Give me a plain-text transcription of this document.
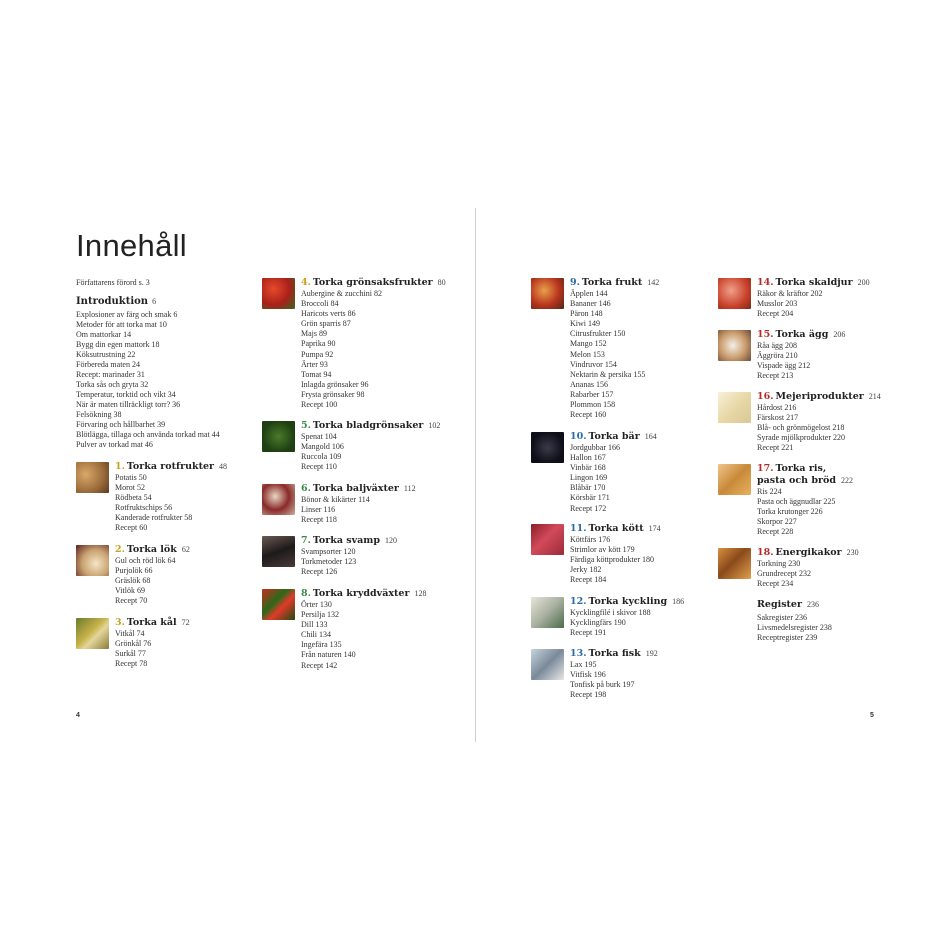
Innehåll
Författarens förord s. 3
Introduktion 6
Explosioner av färg och smak 6
Metoder för att torka mat 10
Om mattorkar 14
Bygg din egen mattork 18
Köksutrustning 22
Förbereda maten 24
Recept: marinader 31
Torka sås och gryta 32
Temperatur, torktid och vikt 34
När är maten tillräckligt torr? 36
Felsökning 38
Förvaring och hållbarhet 39
Blötlägga, tillaga och använda torkad mat 44
Pulver av torkad mat 46
1. Torka rotfrukter 48
Potatis 50
Morot 52
Rödbeta 54
Rotfruktschips 56
Kanderade rotfrukter 58
Recept 60
2. Torka lök 62
Gul och röd lök 64
Purjolök 66
Gräslök 68
Vitlök 69
Recept 70
3. Torka kål 72
Vitkål 74
Grönkål 76
Surkål 77
Recept 78
4. Torka grönsaksfrukter 80
Aubergine & zucchini 82
Broccoli 84
Haricots verts 86
Grön sparris 87
Majs 89
Paprika 90
Pumpa 92
Ärter 93
Tomat 94
Inlagda grönsaker 96
Frysta grönsaker 98
Recept 100
5. Torka bladgrönsaker 102
Spenat 104
Mangold 106
Ruccola 109
Recept 110
6. Torka baljväxter 112
Bönor & kikärter 114
Linser 116
Recept 118
7. Torka svamp 120
Svampsorter 120
Torkmetoder 123
Recept 126
8. Torka kryddväxter 128
Örter 130
Persilja 132
Dill 133
Chili 134
Ingefära 135
Från naturen 140
Recept 142
9. Torka frukt 142
Äpplen 144
Bananer 146
Päron 148
Kiwi 149
Citrusfrukter 150
Mango 152
Melon 153
Vindruvor 154
Nektarin & persika 155
Ananas 156
Rabarber 157
Plommon 158
Recept 160
10. Torka bär 164
Jordgubbar 166
Hallon 167
Vinbär 168
Lingon 169
Blåbär 170
Körsbär 171
Recept 172
11. Torka kött 174
Köttfärs 176
Strimlor av kött 179
Färdiga köttprodukter 180
Jerky 182
Recept 184
12. Torka kyckling 186
Kycklingfilé i skivor 188
Kycklingfärs 190
Recept 191
13. Torka fisk 192
Lax 195
Vitfisk 196
Tonfisk på burk 197
Recept 198
14. Torka skaldjur 200
Räkor & kräftor 202
Musslor 203
Recept 204
15. Torka ägg 206
Råa ägg 208
Äggröra 210
Vispade ägg 212
Recept 213
16. Mejeriprodukter 214
Hårdost 216
Färskost 217
Blå- och grönmögelost 218
Syrade mjölkprodukter 220
Recept 221
17. Torka ris,
pasta och bröd 222
Ris 224
Pasta och äggnudlar 225
Torka krutonger 226
Skorpor 227
Recept 228
18. Energikakor 230
Torkning 230
Grundrecept 232
Recept 234
Register 236
Sakregister 236
Livsmedelsregister 238
Receptregister 239
4	5
